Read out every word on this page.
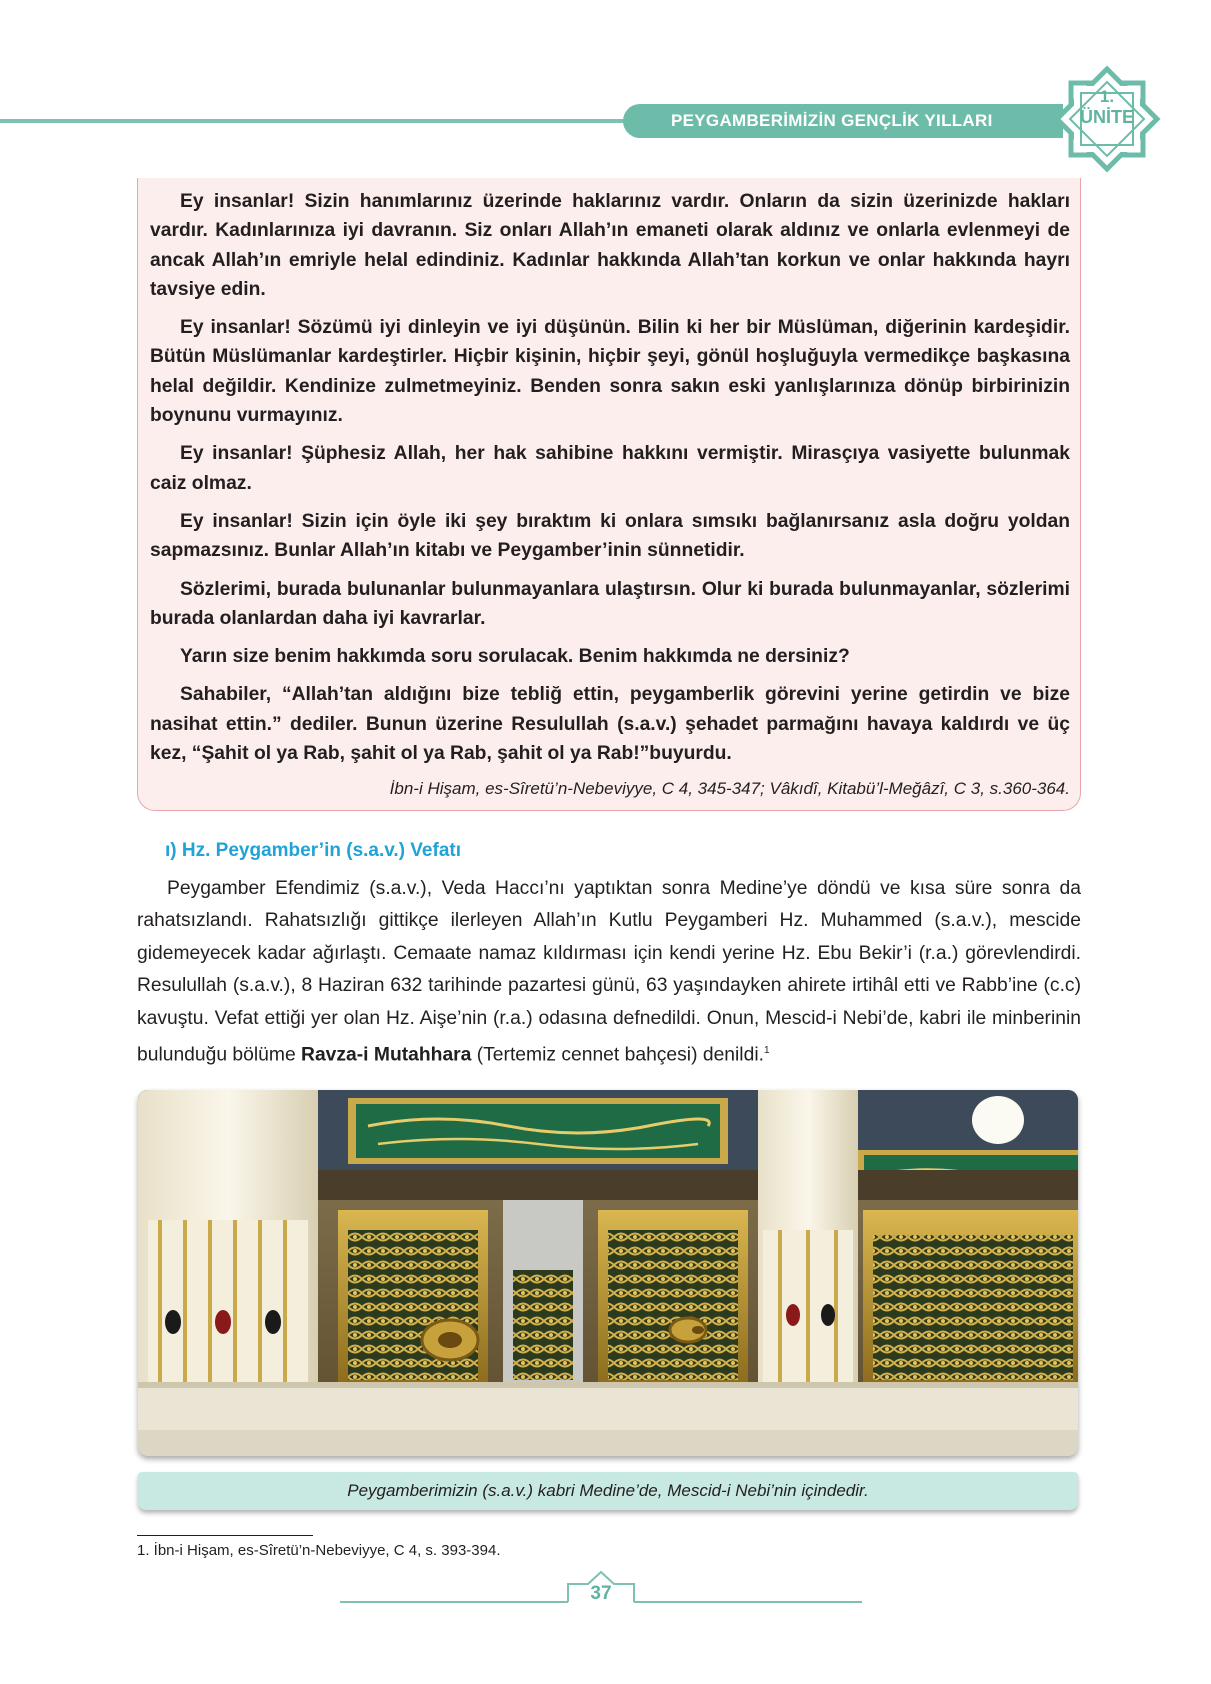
PEYGAMBERİMİZİN GENÇLİK YILLARI
1.
ÜNİTE

Ey insanlar! Sizin hanımlarınız üzerinde haklarınız vardır. Onların da sizin üzerinizde hakları vardır. Kadınlarınıza iyi davranın. Siz onları Allah’ın emaneti olarak aldınız ve onlarla evlenmeyi de ancak Allah’ın emriyle helal edindiniz. Kadınlar hakkında Allah’tan korkun ve onlar hakkında hayrı tavsiye edin.

Ey insanlar! Sözümü iyi dinleyin ve iyi düşünün. Bilin ki her bir Müslüman, diğerinin kardeşidir. Bütün Müslümanlar kardeştirler. Hiçbir kişinin, hiçbir şeyi, gönül hoşluğuyla vermedikçe başkasına helal değildir. Kendinize zulmetmeyiniz. Benden sonra sakın eski yanlışlarınıza dönüp birbirinizin boynunu vurmayınız.

Ey insanlar! Şüphesiz Allah, her hak sahibine hakkını vermiştir. Mirasçıya vasiyette bulunmak caiz olmaz.

Ey insanlar! Sizin için öyle iki şey bıraktım ki onlara sımsıkı bağlanırsanız asla doğru yoldan sapmazsınız. Bunlar Allah’ın kitabı ve Peygamber’inin sünnetidir.

Sözlerimi, burada bulunanlar bulunmayanlara ulaştırsın. Olur ki burada bulunmayanlar, sözlerimi burada olanlardan daha iyi kavrarlar.

Yarın size benim hakkımda soru sorulacak. Benim hakkımda ne dersiniz?

Sahabiler, “Allah’tan aldığını bize tebliğ ettin, peygamberlik görevini yerine getirdin ve bize nasihat ettin.” dediler. Bunun üzerine Resulullah (s.a.v.) şehadet parmağını havaya kaldırdı ve üç kez, “Şahit ol ya Rab, şahit ol ya Rab, şahit ol ya Rab!”buyurdu.

İbn-i Hişam, es-Sîretü’n-Nebeviyye, C 4, 345-347; Vâkıdî, Kitabü’l-Meğâzî, C 3, s.360-364.

ı) Hz. Peygamber’in (s.a.v.) Vefatı

Peygamber Efendimiz (s.a.v.), Veda Haccı’nı yaptıktan sonra Medine’ye döndü ve kısa süre sonra da rahatsızlandı. Rahatsızlığı gittikçe ilerleyen Allah’ın Kutlu Peygamberi Hz. Muhammed (s.a.v.), mescide gidemeyecek kadar ağırlaştı. Cemaate namaz kıldırması için kendi yerine Hz. Ebu Bekir’i (r.a.) görevlendirdi. Resulullah (s.a.v.), 8 Haziran 632 tarihinde pazartesi günü, 63 yaşındayken ahirete irtihâl etti ve Rabb’ine (c.c) kavuştu. Vefat ettiği yer olan Hz. Aişe’nin (r.a.) odasına defnedildi. Onun, Mescid-i Nebi’de, kabri ile minberinin bulunduğu bölüme Ravza-i Mutahhara (Tertemiz cennet bahçesi) denildi.$^1$

Peygamberimizin (s.a.v.) kabri Medine’de, Mescid-i Nebi’nin içindedir.
1. İbn-i Hişam, es-Sîretü’n-Nebeviyye, C 4, s. 393-394.
37
